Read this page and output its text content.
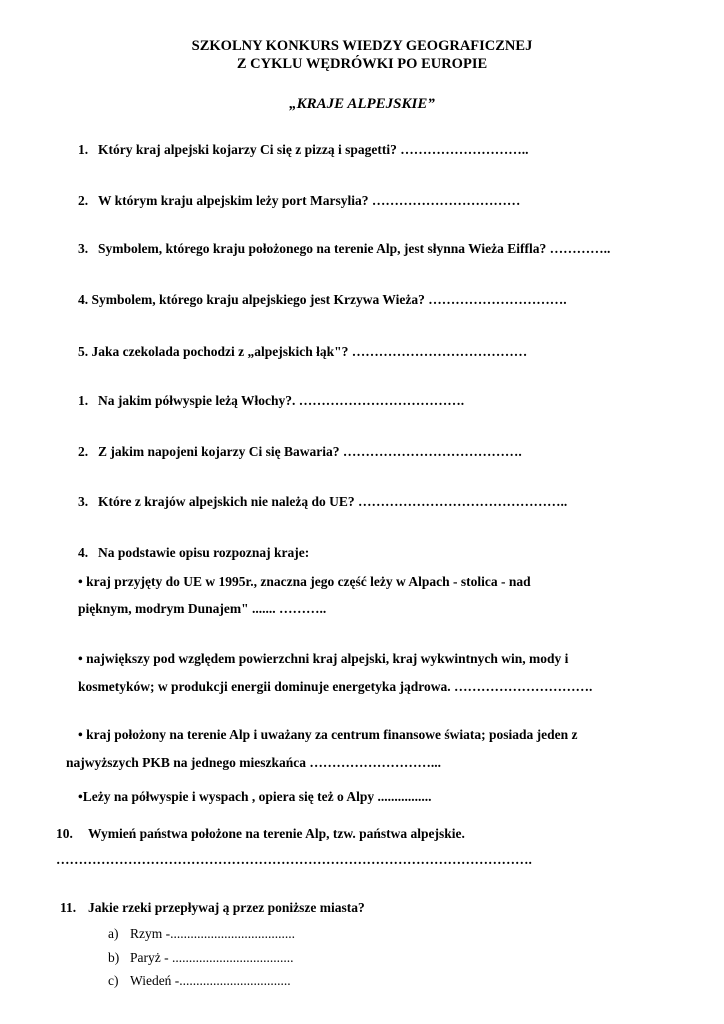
SZKOLNY KONKURS WIEDZY GEOGRAFICZNEJ
Z CYKLU WĘDRÓWKI PO EUROPIE
„KRAJE ALPEJSKIE”
1. Który kraj alpejski kojarzy Ci się z pizzą i spagetti? ………………………..
2. W którym kraju alpejskim leży port Marsylia? ……………………………
3. Symbolem, którego kraju położonego na terenie Alp, jest słynna Wieża Eiffla? …………..
4. Symbolem, którego kraju alpejskiego jest Krzywa Wieża? ………………………….
5. Jaka czekolada pochodzi z „alpejskich łąk"? …………………………………
1. Na jakim półwyspie leżą Włochy?. ……………………………….
2. Z jakim napojeni kojarzy Ci się Bawaria? ………………………………….
3. Które z krajów alpejskich nie należą do UE? ………………………………………..
4. Na podstawie opisu rozpoznaj kraje:
• kraj przyjęty do UE w 1995r., znaczna jego część leży w Alpach - stolica - nad
pięknym, modrym Dunajem" ....... ………..
• największy pod względem powierzchni kraj alpejski, kraj wykwintnych win, mody i
kosmetyków; w produkcji energii dominuje energetyka jądrowa. ………………………….
• kraj położony na terenie Alp i uważany za centrum finansowe świata; posiada jeden z
najwyższych PKB na jednego mieszkańca ………………………...
•Leży na półwyspie i wyspach , opiera się też o Alpy ................
10. Wymień państwa położone na terenie Alp, tzw. państwa alpejskie.
…………………………………………………………………………………………….
11. Jakie rzeki przepływaj ą przez poniższe miasta?
a) Rzym -.....................................
b) Paryż - ....................................
c) Wiedeń -.................................
